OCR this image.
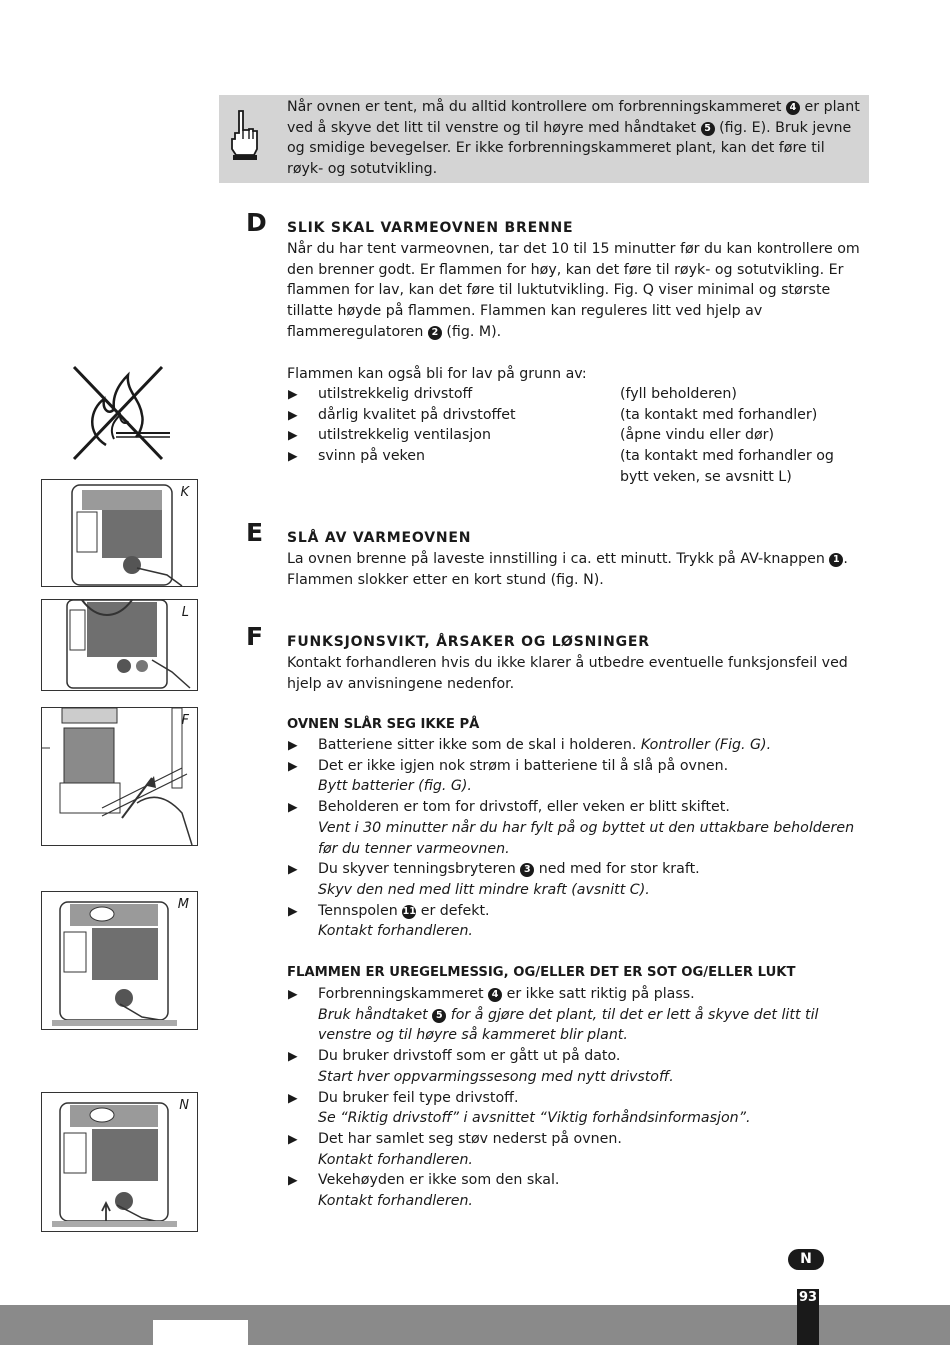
Når ovnen er tent, må du alltid kontrollere om forbrenningskammeret 4 er plant ved å skyve det litt til venstre og til høyre med håndtaket 5 (fig. E). Bruk jevne og smidige bevegelser. Er ikke forbrenningskammeret plant, kan det føre til røyk- og sotutvikling.
D SLIK SKAL VARMEOVNEN BRENNE
Når du har tent varmeovnen, tar det 10 til 15 minutter før du kan kontrollere om den brenner godt. Er flammen for høy, kan det føre til røyk- og sotutvikling. Er flammen for lav, kan det føre til luktutvikling. Fig. Q viser minimal og største tillatte høyde på flammen. Flammen kan reguleres litt ved hjelp av flammeregulatoren 2 (fig. M).
Flammen kan også bli for lav på grunn av:
▶ utilstrekkelig drivstoff	(fyll beholderen)
▶ dårlig kvalitet på drivstoffet	(ta kontakt med forhandler)
▶ utilstrekkelig ventilasjon	(åpne vindu eller dør)
▶ svinn på veken	(ta kontakt med forhandler og
bytt veken, se avsnitt L)

E SLÅ AV VARMEOVNEN
La ovnen brenne på laveste innstilling i ca. ett minutt. Trykk på AV-knappen 1 . Flammen slokker etter en kort stund (fig. N).
F FUNKSJONSVIKT, ÅRSAKER OG LØSNINGER
Kontakt forhandleren hvis du ikke klarer å utbedre eventuelle funksjonsfeil ved hjelp av anvisningene nedenfor.
OVNEN SLÅR SEG IKKE PÅ
▶ Batteriene sitter ikke som de skal i holderen. Kontroller (Fig. G).
▶ Det er ikke igjen nok strøm i batteriene til å slå på ovnen.
Bytt batterier (fig. G).
▶ Beholderen er tom for drivstoff, eller veken er blitt skiftet.
Vent i 30 minutter når du har fylt på og byttet ut den uttakbare beholderen før du tenner varmeovnen.
▶ Du skyver tenningsbryteren 3 ned med for stor kraft.
Skyv den ned med litt mindre kraft (avsnitt C).
▶ Tennspolen 11 er defekt.
Kontakt forhandleren.
FLAMMEN ER UREGELMESSIG, OG/ELLER DET ER SOT OG/ELLER LUKT
▶ Forbrenningskammeret 4 er ikke satt riktig på plass.
Bruk håndtaket 5 for å gjøre det plant, til det er lett å skyve det litt til venstre og til høyre så kammeret blir plant.
▶ Du bruker drivstoff som er gått ut på dato.
Start hver oppvarmingssesong med nytt drivstoff.
▶ Du bruker feil type drivstoff.
Se “Riktig drivstoff” i avsnittet “Viktig forhåndsinformasjon”.
▶ Det har samlet seg støv nederst på ovnen.
Kontakt forhandleren.
▶ Vekehøyden er ikke som den skal.
Kontakt forhandleren.
K
L
F
M
N
N
93
